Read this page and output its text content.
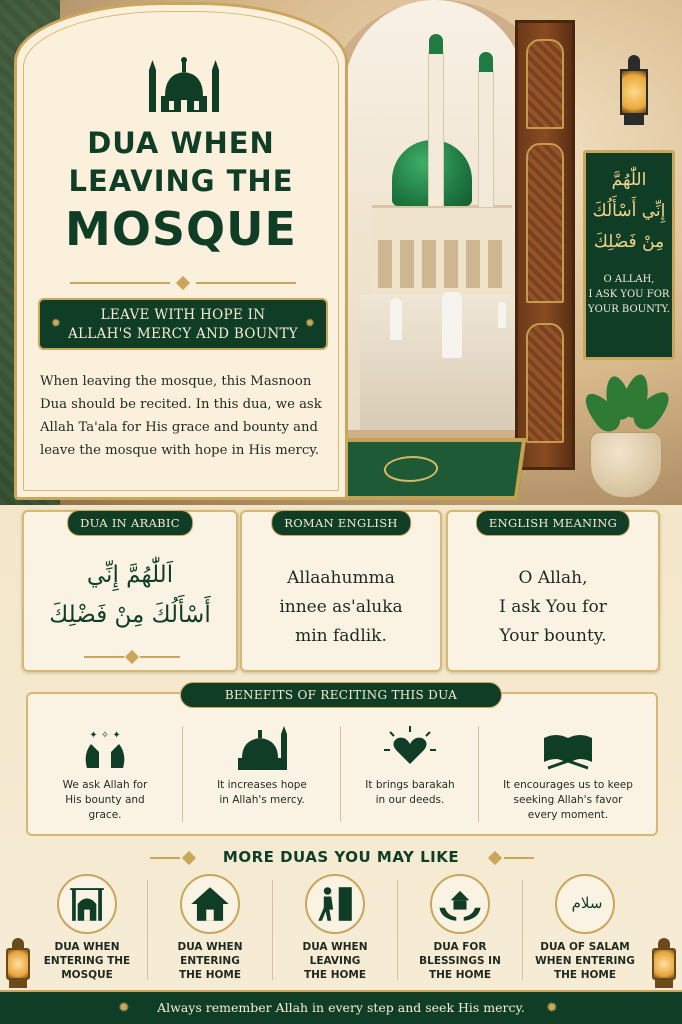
اللّٰهُمَّ
إِنِّي أَسْأَلُكَ
مِنْ فَضْلِكَ
O ALLAH,
I ASK YOU FOR
YOUR BOUNTY.
DUA WHEN
LEAVING THE
MOSQUE
✹	LEAVE WITH HOPE IN
ALLAH'S MERCY AND BOUNTY
✹
When leaving the mosque, this Masnoon Dua should be recited. In this dua, we ask Allah Ta'ala for His grace and bounty and leave the mosque with hope in His mercy.
DUA IN ARABIC
اَللّٰهُمَّ إِنِّي
أَسْأَلُكَ مِنْ فَضْلِكَ
ROMAN ENGLISH
Allaahumma
innee as'aluka
min fadlik.
ENGLISH MEANING
O Allah,
I ask You for
Your bounty.
BENEFITS OF RECITING THIS DUA
✦ ✧ ✦
We ask Allah for
His bounty and
grace.
It increases hope
in Allah's mercy.
It brings barakah
in our deeds.
It encourages us to keep
seeking Allah's favor
every moment.
MORE DUAS YOU MAY LIKE
DUA WHEN
ENTERING THE
MOSQUE
DUA WHEN
ENTERING
THE HOME
DUA WHEN
LEAVING
THE HOME
DUA FOR
BLESSINGS IN
THE HOME
سلام
DUA OF SALAM
WHEN ENTERING
THE HOME
✹ Always remember Allah in every step and seek His mercy. ✹
